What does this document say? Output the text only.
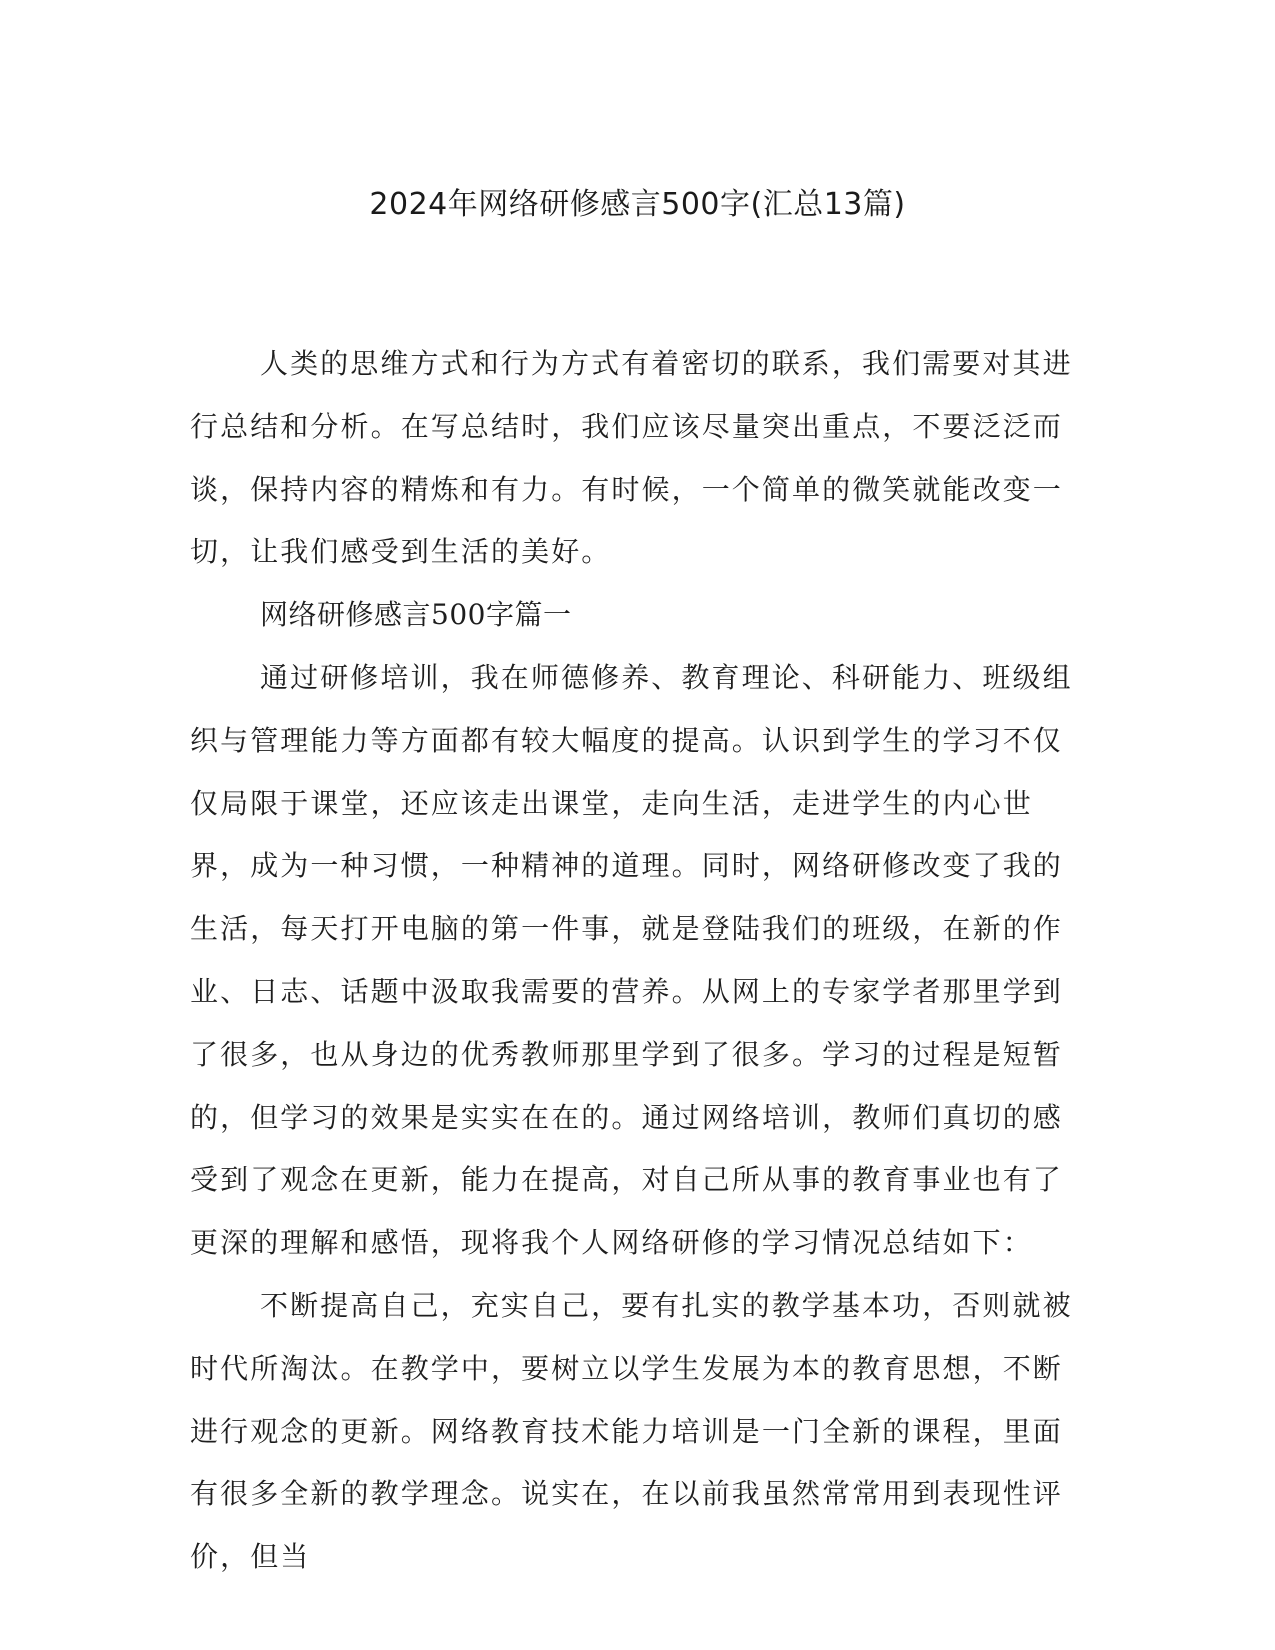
2024年网络研修感言500字(汇总13篇)

人类的思维方式和行为方式有着密切的联系，我们需要对其进行总结和分析。在写总结时，我们应该尽量突出重点，不要泛泛而谈，保持内容的精炼和有力。有时候，一个简单的微笑就能改变一切，让我们感受到生活的美好。

网络研修感言500字篇一

通过研修培训，我在师德修养、教育理论、科研能力、班级组织与管理能力等方面都有较大幅度的提高。认识到学生的学习不仅仅局限于课堂，还应该走出课堂，走向生活，走进学生的内心世界，成为一种习惯，一种精神的道理。同时，网络研修改变了我的生活，每天打开电脑的第一件事，就是登陆我们的班级，在新的作业、日志、话题中汲取我需要的营养。从网上的专家学者那里学到了很多，也从身边的优秀教师那里学到了很多。学习的过程是短暂的，但学习的效果是实实在在的。通过网络培训，教师们真切的感受到了观念在更新，能力在提高，对自己所从事的教育事业也有了更深的理解和感悟，现将我个人网络研修的学习情况总结如下：

不断提高自己，充实自己，要有扎实的教学基本功，否则就被时代所淘汰。在教学中，要树立以学生发展为本的教育思想，不断进行观念的更新。网络教育技术能力培训是一门全新的课程，里面有很多全新的教学理念。说实在，在以前我虽然常常用到表现性评价，但当
